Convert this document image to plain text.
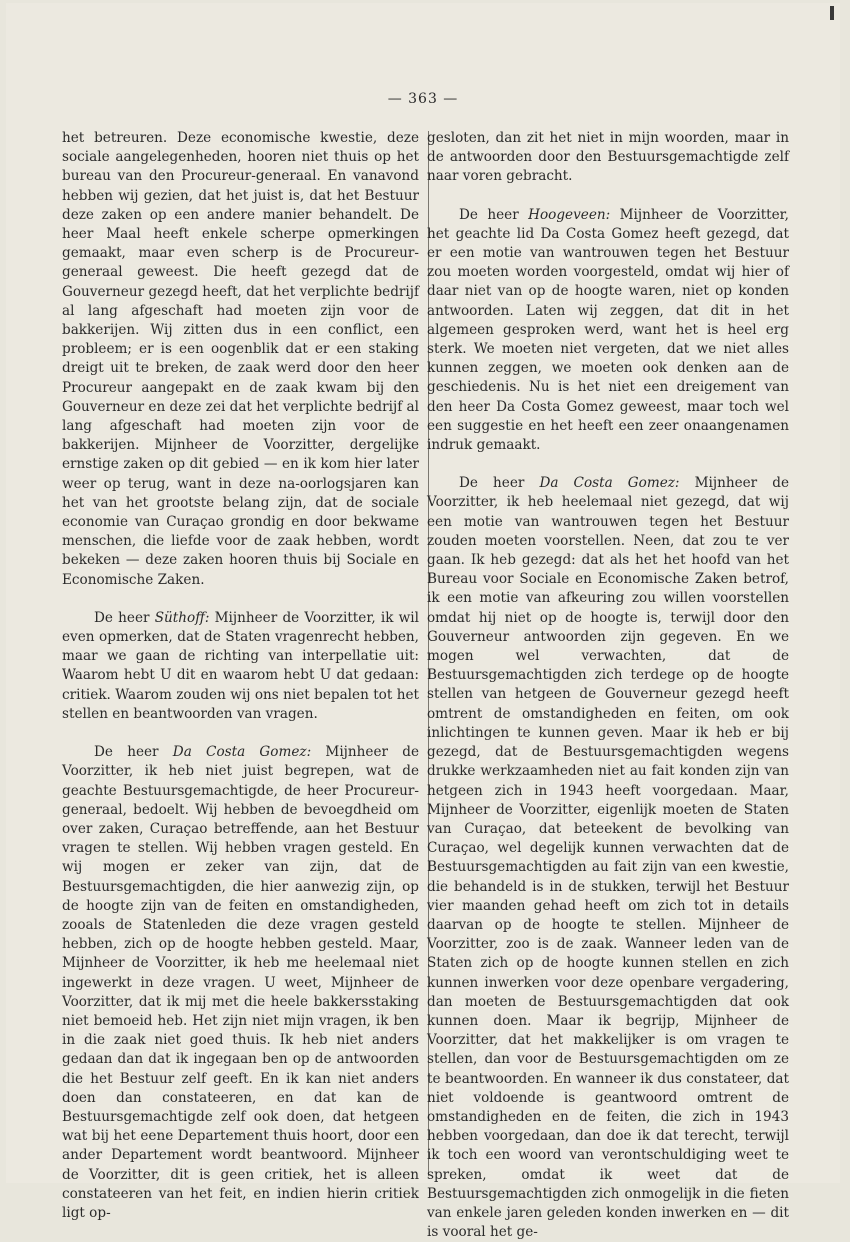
— 363 —

het betreuren. Deze economische kwestie, deze sociale aangelegenheden, hooren niet thuis op het bureau van den Procureur-generaal. En vanavond hebben wij gezien, dat het juist is, dat het Bestuur deze zaken op een andere manier behandelt. De heer Maal heeft enkele scherpe opmerkingen gemaakt, maar even scherp is de Procureur-generaal geweest. Die heeft gezegd dat de Gouverneur gezegd heeft, dat het verplichte bedrijf al lang afgeschaft had moeten zijn voor de bakkerijen. Wij zitten dus in een conflict, een probleem; er is een oogenblik dat er een staking dreigt uit te breken, de zaak werd door den heer Procureur aangepakt en de zaak kwam bij den Gouverneur en deze zei dat het verplichte bedrijf al lang afgeschaft had moeten zijn voor de bakkerijen. Mijnheer de Voorzitter, dergelijke ernstige zaken op dit gebied — en ik kom hier later weer op terug, want in deze na-oorlogsjaren kan het van het grootste belang zijn, dat de sociale economie van Curaçao grondig en door bekwame menschen, die liefde voor de zaak hebben, wordt bekeken — deze zaken hooren thuis bij Sociale en Economische Zaken.

De heer Süthoff: Mijnheer de Voorzitter, ik wil even opmerken, dat de Staten vragenrecht hebben, maar we gaan de richting van interpellatie uit: Waarom hebt U dit en waarom hebt U dat gedaan: critiek. Waarom zouden wij ons niet bepalen tot het stellen en beantwoorden van vragen.

De heer Da Costa Gomez: Mijnheer de Voorzitter, ik heb niet juist begrepen, wat de geachte Bestuursgemachtigde, de heer Procureur-generaal, bedoelt. Wij hebben de bevoegdheid om over zaken, Curaçao betreffende, aan het Bestuur vragen te stellen. Wij hebben vragen gesteld. En wij mogen er zeker van zijn, dat de Bestuursgemachtigden, die hier aanwezig zijn, op de hoogte zijn van de feiten en omstandigheden, zooals de Statenleden die deze vragen gesteld hebben, zich op de hoogte hebben gesteld. Maar, Mijnheer de Voorzitter, ik heb me heelemaal niet ingewerkt in deze vragen. U weet, Mijnheer de Voorzitter, dat ik mij met die heele bakkersstaking niet bemoeid heb. Het zijn niet mijn vragen, ik ben in die zaak niet goed thuis. Ik heb niet anders gedaan dan dat ik ingegaan ben op de antwoorden die het Bestuur zelf geeft. En ik kan niet anders doen dan constateeren, en dat kan de Bestuursgemachtigde zelf ook doen, dat hetgeen wat bij het eene Departement thuis hoort, door een ander Departement wordt beantwoord. Mijnheer de Voorzitter, dit is geen critiek, het is alleen constateeren van het feit, en indien hierin critiek ligt op-

gesloten, dan zit het niet in mijn woorden, maar in de antwoorden door den Bestuursgemachtigde zelf naar voren gebracht.

De heer Hoogeveen: Mijnheer de Voorzitter, het geachte lid Da Costa Gomez heeft gezegd, dat er een motie van wantrouwen tegen het Bestuur zou moeten worden voorgesteld, omdat wij hier of daar niet van op de hoogte waren, niet op konden antwoorden. Laten wij zeggen, dat dit in het algemeen gesproken werd, want het is heel erg sterk. We moeten niet vergeten, dat we niet alles kunnen zeggen, we moeten ook denken aan de geschiedenis. Nu is het niet een dreigement van den heer Da Costa Gomez geweest, maar toch wel een suggestie en het heeft een zeer onaangenamen indruk gemaakt.

De heer Da Costa Gomez: Mijnheer de Voorzitter, ik heb heelemaal niet gezegd, dat wij een motie van wantrouwen tegen het Bestuur zouden moeten voorstellen. Neen, dat zou te ver gaan. Ik heb gezegd: dat als het het hoofd van het Bureau voor Sociale en Economische Zaken betrof, ik een motie van afkeuring zou willen voorstellen omdat hij niet op de hoogte is, terwijl door den Gouverneur antwoorden zijn gegeven. En we mogen wel verwachten, dat de Bestuursgemachtigden zich terdege op de hoogte stellen van hetgeen de Gouverneur gezegd heeft omtrent de omstandigheden en feiten, om ook inlichtingen te kunnen geven. Maar ik heb er bij gezegd, dat de Bestuursgemachtigden wegens drukke werkzaamheden niet au fait konden zijn van hetgeen zich in 1943 heeft voorgedaan. Maar, Mijnheer de Voorzitter, eigenlijk moeten de Staten van Curaçao, dat beteekent de bevolking van Curaçao, wel degelijk kunnen verwachten dat de Bestuursgemachtigden au fait zijn van een kwestie, die behandeld is in de stukken, terwijl het Bestuur vier maanden gehad heeft om zich tot in details daarvan op de hoogte te stellen. Mijnheer de Voorzitter, zoo is de zaak. Wanneer leden van de Staten zich op de hoogte kunnen stellen en zich kunnen inwerken voor deze openbare vergadering, dan moeten de Bestuursgemachtigden dat ook kunnen doen. Maar ik begrijp, Mijnheer de Voorzitter, dat het makkelijker is om vragen te stellen, dan voor de Bestuursgemachtigden om ze te beantwoorden. En wanneer ik dus constateer, dat niet voldoende is geantwoord omtrent de omstandigheden en de feiten, die zich in 1943 hebben voorgedaan, dan doe ik dat terecht, terwijl ik toch een woord van verontschuldiging weet te spreken, omdat ik weet dat de Bestuursgemachtigden zich onmogelijk in die fieten van enkele jaren geleden konden inwerken en — dit is vooral het ge-
